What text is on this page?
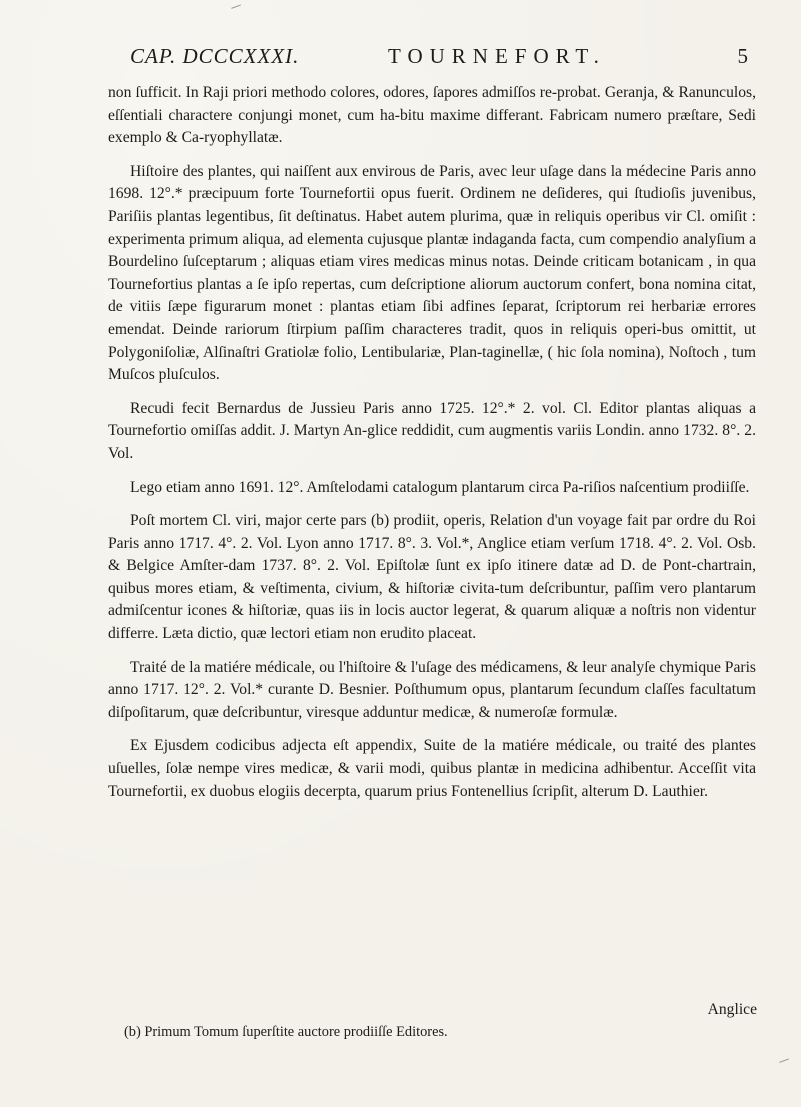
CAP. DCCCXXXI.	TOURNEFORT.	5

non ſufficit. In Raji priori methodo colores, odores, ſapores admiſſos re-probat. Geranja, & Ranunculos, eſſentiali charactere conjungi monet, cum ha-bitu maxime differant. Fabricam numero præſtare, Sedi exemplo & Ca-ryophyllatæ.

Hiſtoire des plantes, qui naiſſent aux envirous de Paris, avec leur uſage dans la médecine Paris anno 1698. 12°.* præcipuum forte Tournefortii opus fuerit. Ordinem ne deſideres, qui ſtudioſis juvenibus, Pariſiis plantas legentibus, ſit deſtinatus. Habet autem plurima, quæ in reliquis operibus vir Cl. omiſit : experimenta primum aliqua, ad elementa cujusque plantæ indaganda facta, cum compendio analyſium a Bourdelino ſuſceptarum ; aliquas etiam vires medicas minus notas. Deinde criticam botanicam , in qua Tournefortius plantas a ſe ipſo repertas, cum deſcriptione aliorum auctorum confert, bona nomina citat, de vitiis ſæpe figurarum monet : plantas etiam ſibi adfines ſeparat, ſcriptorum rei herbariæ errores emendat. Deinde rariorum ſtirpium paſſim characteres tradit, quos in reliquis operi-bus omittit, ut Polygoniſoliæ, Alſinaſtri Gratiolæ folio, Lentibulariæ, Plan-taginellæ, ( hic ſola nomina), Noſtoch , tum Muſcos pluſculos.

Recudi fecit Bernardus de Jussieu Paris anno 1725. 12°.* 2. vol. Cl. Editor plantas aliquas a Tournefortio omiſſas addit. J. Martyn An-glice reddidit, cum augmentis variis Londin. anno 1732. 8°. 2. Vol.

Lego etiam anno 1691. 12°. Amſtelodami catalogum plantarum circa Pa-riſios naſcentium prodiiſſe.

Poſt mortem Cl. viri, major certe pars (b) prodiit, operis, Relation d'un voyage fait par ordre du Roi Paris anno 1717. 4°. 2. Vol. Lyon anno 1717. 8°. 3. Vol.*, Anglice etiam verſum 1718. 4°. 2. Vol. Osb. & Belgice Amſter-dam 1737. 8°. 2. Vol. Epiſtolæ ſunt ex ipſo itinere datæ ad D. de Pont-chartrain, quibus mores etiam, & veſtimenta, civium, & hiſtoriæ civita-tum deſcribuntur, paſſim vero plantarum admiſcentur icones & hiſtoriæ, quas iis in locis auctor legerat, & quarum aliquæ a noſtris non videntur differre. Læta dictio, quæ lectori etiam non erudito placeat.

Traité de la matiére médicale, ou l'hiſtoire & l'uſage des médicamens, & leur analyſe chymique Paris anno 1717. 12°. 2. Vol.* curante D. Besnier. Poſthumum opus, plantarum ſecundum claſſes facultatum diſpoſitarum, quæ deſcribuntur, viresque adduntur medicæ, & numeroſæ formulæ.

Ex Ejusdem codicibus adjecta eſt appendix, Suite de la matiére médicale, ou traité des plantes uſuelles, ſolæ nempe vires medicæ, & varii modi, quibus plantæ in medicina adhibentur. Acceſſit vita Tournefortii, ex duobus elogiis decerpta, quarum prius Fontenellius ſcripſit, alterum D. Lauthier.

Anglice
(b) Primum Tomum ſuperſtite auctore prodiiſſe Editores.
